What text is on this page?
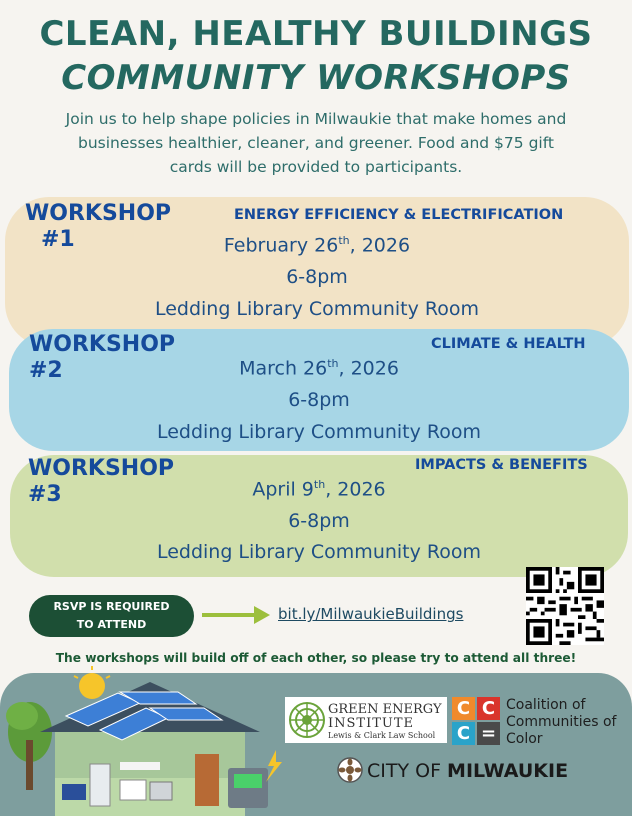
CLEAN, HEALTHY BUILDINGS
COMMUNITY WORKSHOPS
Join us to help shape policies in Milwaukie that make homes and
businesses healthier, cleaner, and greener. Food and $75 gift
cards will be provided to participants.
WORKSHOP
#1
ENERGY EFFICIENCY & ELECTRIFICATION
February 26th, 2026
6-8pm
Ledding Library Community Room
WORKSHOP
#2
CLIMATE & HEALTH
March 26th, 2026
6-8pm
Ledding Library Community Room
WORKSHOP
#3
IMPACTS & BENEFITS
April 9th, 2026
6-8pm
Ledding Library Community Room
RSVP IS REQUIRED
TO ATTEND
bit.ly/MilwaukieBuildings
The workshops will build off of each other, so please try to attend all three!
GREEN ENERGY
INSTITUTE
Lewis & Clark Law School
C C
C =
Coalition of
Communities of
Color
CITY OF MILWAUKIE
